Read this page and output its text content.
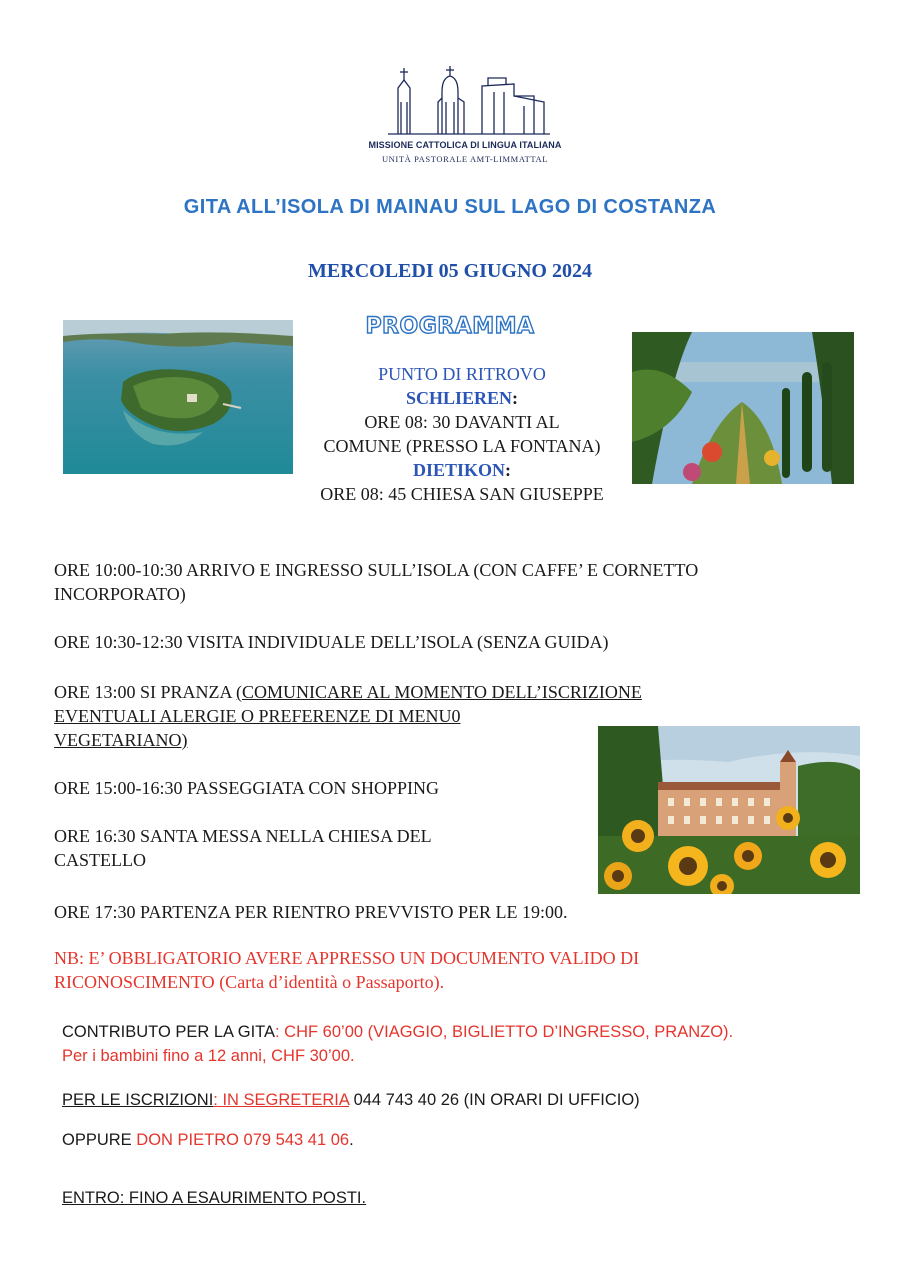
MISSIONE CATTOLICA DI LINGUA ITALIANA
UNITÀ PASTORALE AMT-LIMMATTAL
GITA ALL’ISOLA DI MAINAU SUL LAGO DI COSTANZA
MERCOLEDI 05 GIUGNO 2024
PROGRAMMA
PUNTO DI RITROVO
SCHLIEREN:
ORE 08: 30 DAVANTI AL
COMUNE (PRESSO LA FONTANA)
DIETIKON:
ORE 08: 45 CHIESA SAN GIUSEPPE
ORE 10:00-10:30 ARRIVO E INGRESSO SULL’ISOLA (CON CAFFE’ E CORNETTO
INCORPORATO)
ORE 10:30-12:30 VISITA INDIVIDUALE DELL’ISOLA (SENZA GUIDA)
ORE 13:00 SI PRANZA (COMUNICARE AL MOMENTO DELL’ISCRIZIONE
EVENTUALI ALERGIE O PREFERENZE DI MENU0
VEGETARIANO)
ORE 15:00-16:30 PASSEGGIATA CON SHOPPING
ORE 16:30 SANTA MESSA NELLA CHIESA DEL
CASTELLO
ORE 17:30 PARTENZA PER RIENTRO PREVVISTO PER LE 19:00.
NB: E’ OBBLIGATORIO AVERE APPRESSO UN DOCUMENTO VALIDO DI
RICONOSCIMENTO (Carta d’identità o Passaporto).
CONTRIBUTO PER LA GITA: CHF 60’00 (VIAGGIO, BIGLIETTO D’INGRESSO, PRANZO).
Per i bambini fino a 12 anni, CHF 30’00.
PER LE ISCRIZIONI: IN SEGRETERIA 044 743 40 26 (IN ORARI DI UFFICIO)
OPPURE DON PIETRO 079 543 41 06.
ENTRO: FINO A ESAURIMENTO POSTI.
